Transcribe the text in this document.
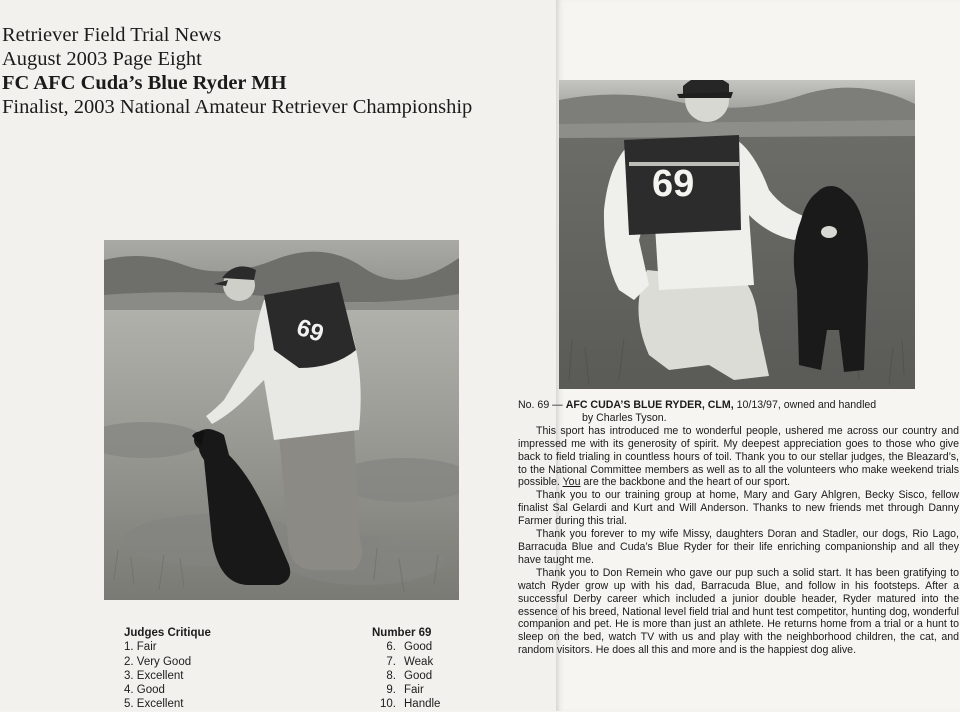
Retriever Field Trial News
August 2003 Page Eight
FC AFC Cuda’s Blue Ryder MH
Finalist, 2003 National Amateur Retriever Championship
69
69
Judges Critique
1. Fair
2. Very Good
3. Excellent
4. Good
5. Excellent
Number 69
6. Good
7. Weak
8. Good
9. Fair
10. Handle
No. 69 — AFC CUDA’S BLUE RYDER, CLM, 10/13/97, owned and handled
by Charles Tyson.

This sport has introduced me to wonderful people, ushered me across our country and impressed me with its generosity of spirit. My deepest appreciation goes to those who give back to field trialing in countless hours of toil. Thank you to our stellar judges, the Bleazard’s, to the National Committee members as well as to all the volunteers who make weekend trials possible. You are the backbone and the heart of our sport.

Thank you to our training group at home, Mary and Gary Ahlgren, Becky Sisco, fellow finalist Sal Gelardi and Kurt and Will Anderson. Thanks to new friends met through Danny Farmer during this trial.

Thank you forever to my wife Missy, daughters Doran and Stadler, our dogs, Rio Lago, Barracuda Blue and Cuda’s Blue Ryder for their life enriching companionship and all they have taught me.

Thank you to Don Remein who gave our pup such a solid start. It has been gratifying to watch Ryder grow up with his dad, Barracuda Blue, and follow in his footsteps. After a successful Derby career which included a junior double header, Ryder matured into the essence of his breed, National level field trial and hunt test competitor, hunting dog, wonderful companion and pet. He is more than just an athlete. He returns home from a trial or a hunt to sleep on the bed, watch TV with us and play with the neighborhood children, the cat, and random visitors. He does all this and more and is the happiest dog alive.
